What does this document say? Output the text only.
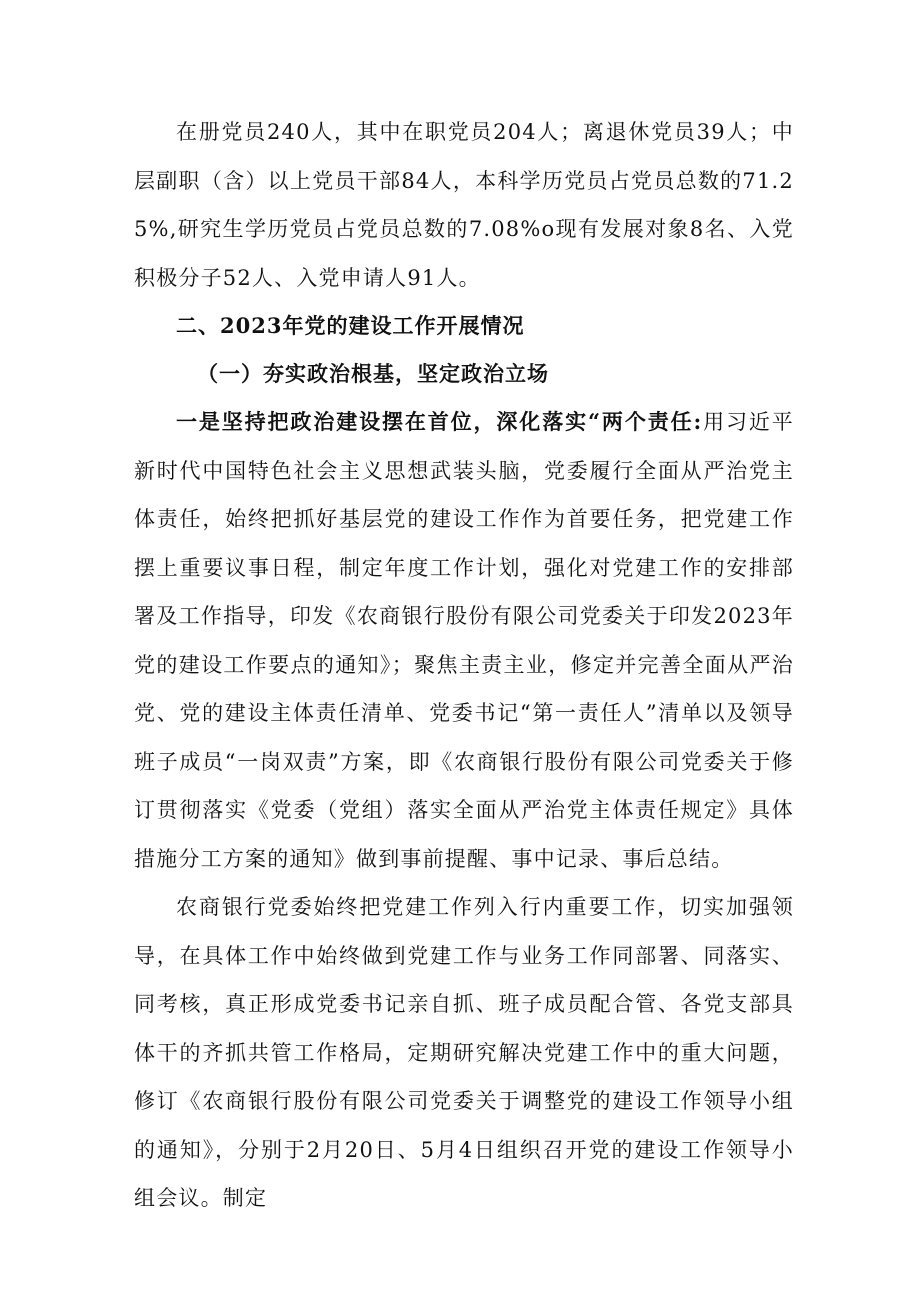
在册党员240人，其中在职党员204人；离退休党员39人；中层副职（含）以上党员干部84人，本科学历党员占党员总数的71.25%,研究生学历党员占党员总数的7.08%o现有发展对象8名、入党积极分子52人、入党申请人91人。

二、2023年党的建设工作开展情况

（一）夯实政治根基，坚定政治立场

一是坚持把政治建设摆在首位，深化落实“两个责任:用习近平新时代中国特色社会主义思想武装头脑，党委履行全面从严治党主体责任，始终把抓好基层党的建设工作作为首要任务，把党建工作摆上重要议事日程，制定年度工作计划，强化对党建工作的安排部署及工作指导，印发《农商银行股份有限公司党委关于印发2023年党的建设工作要点的通知》；聚焦主责主业，修定并完善全面从严治党、党的建设主体责任清单、党委书记“第一责任人”清单以及领导班子成员“一岗双责”方案，即《农商银行股份有限公司党委关于修订贯彻落实《党委（党组）落实全面从严治党主体责任规定》具体措施分工方案的通知》做到事前提醒、事中记录、事后总结。

农商银行党委始终把党建工作列入行内重要工作，切实加强领导，在具体工作中始终做到党建工作与业务工作同部署、同落实、同考核，真正形成党委书记亲自抓、班子成员配合管、各党支部具体干的齐抓共管工作格局，定期研究解决党建工作中的重大问题，修订《农商银行股份有限公司党委关于调整党的建设工作领导小组的通知》，分别于2月20日、5月4日组织召开党的建设工作领导小组会议。制定
